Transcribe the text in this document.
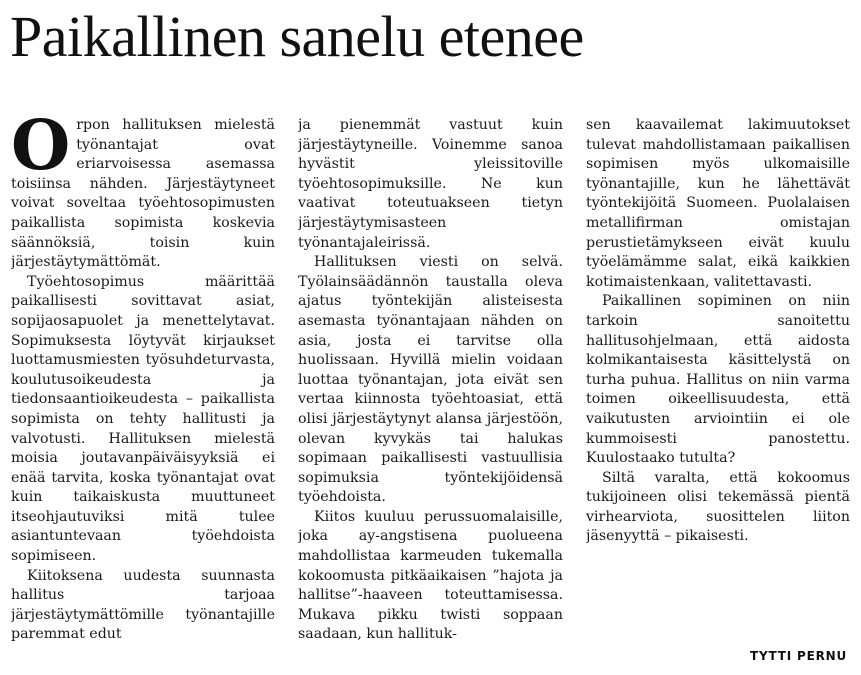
Paikallinen sanelu etenee

Orpon hallituksen mielestä työnantajat ovat eriarvoisessa asemassa toisiinsa nähden. Järjestäytyneet voivat soveltaa työehtosopimusten paikallista sopimista koskevia säännöksiä, toisin kuin järjestäytymättömät.

Työehtosopimus määrittää paikallisesti sovittavat asiat, sopijaosapuolet ja menettelytavat. Sopimuksesta löytyvät kirjaukset luottamusmiesten työsuhdeturvasta, koulutusoikeudesta ja tiedonsaantioikeudesta – paikallista sopimista on tehty hallitusti ja valvotusti. Hallituksen mielestä moisia joutavanpäiväisyyksiä ei enää tarvita, koska työnantajat ovat kuin taikaiskusta muuttuneet itseohjautuviksi mitä tulee asiantuntevaan työehdoista sopimiseen.

Kiitoksena uudesta suunnasta hallitus tarjoaa järjestäytymättömille työnantajille paremmat edut

ja pienemmät vastuut kuin järjestäytyneille. Voinemme sanoa hyvästit yleissitoville työehtosopimuksille. Ne kun vaativat toteutuakseen tietyn järjestäytymisasteen työnantajaleirissä.

Hallituksen viesti on selvä. Työlainsäädännön taustalla oleva ajatus työntekijän alisteisesta asemasta työnantajaan nähden on asia, josta ei tarvitse olla huolissaan. Hyvillä mielin voidaan luottaa työnantajan, jota eivät sen vertaa kiinnosta työehtoasiat, että olisi järjestäytynyt alansa järjestöön, olevan kyvykäs tai halukas sopimaan paikallisesti vastuullisia sopimuksia työntekijöidensä työehdoista.

Kiitos kuuluu perussuomalaisille, joka ay-angstisena puolueena mahdollistaa karmeuden tukemalla kokoomusta pitkäaikaisen ”hajota ja hallitse”-haaveen toteuttamisessa. Mukava pikku twisti soppaan saadaan, kun hallituk-

sen kaavailemat lakimuutokset tulevat mahdollistamaan paikallisen sopimisen myös ulkomaisille työnantajille, kun he lähettävät työntekijöitä Suomeen. Puolalaisen metallifirman omistajan perustietämykseen eivät kuulu työelämämme salat, eikä kaikkien kotimaistenkaan, valitettavasti.

Paikallinen sopiminen on niin tarkoin sanoitettu hallitusohjelmaan, että aidosta kolmikantaisesta käsittelystä on turha puhua. Hallitus on niin varma toimen oikeellisuudesta, että vaikutusten arviointiin ei ole kummoisesti panostettu. Kuulostaako tutulta?

Siltä varalta, että kokoomus tukijoineen olisi tekemässä pientä virhearviota, suosittelen liiton jäsenyyttä – pikaisesti.

TYTTI PERNU
